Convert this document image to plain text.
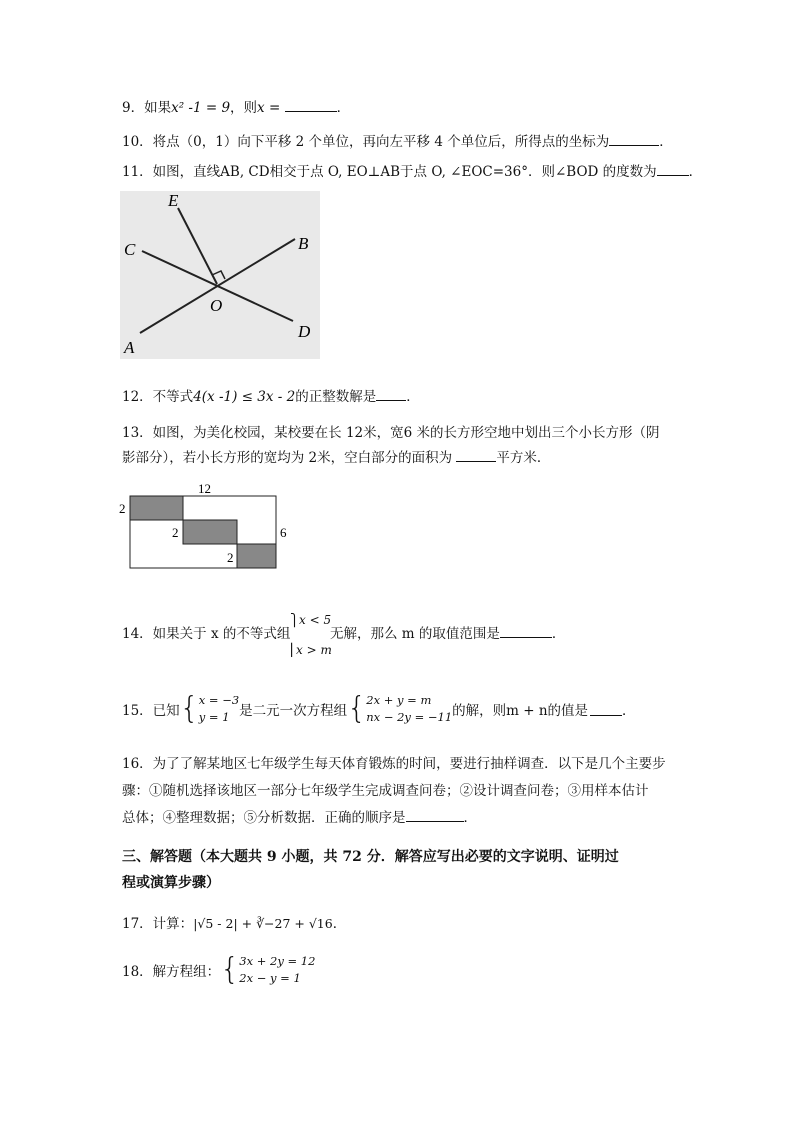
9．如果x² -1 = 9，则x =	．
10．将点（0，1）向下平移 2 个单位，再向左平移 4 个单位后，所得点的坐标为	．
11．如图，直线AB, CD相交于点 O, EO⊥AB于点 O, ∠EOC=36°．则∠BOD 的度数为 ．
E
C	B
O
A
D
12．不等式4(x -1) ≤ 3x - 2的正整数解是 ．
13．如图，为美化校园，某校要在长 12米，宽6 米的长方形空地中划出三个小长方形（阴
影部分），若小长方形的宽均为 2米，空白部分的面积为	平方米．
12
6
2
2
2
14．如果关于 x 的不等式组
⎫x < 5
⎜x > m
无解，那么 m 的取值范围是	．
15．已知 { x = −3
y = 1 是二元一次方程组 { 2x + y = m
nx − 2y = −11 的解，则m + n的值是	．
16．为了了解某地区七年级学生每天体育锻炼的时间，要进行抽样调查．以下是几个主要步
骤：①随机选择该地区一部分七年级学生完成调查问卷；②设计调查问卷；③用样本估计
总体；④整理数据；⑤分析数据．正确的顺序是	．
三、解答题（本大题共 9 小题，共 72 分．解答应写出必要的文字说明、证明过
程或演算步骤）
17．计算：|√5 - 2| + ∛−27 + √16．
18．解方程组： { 3x + 2y = 12
2x − y = 1
